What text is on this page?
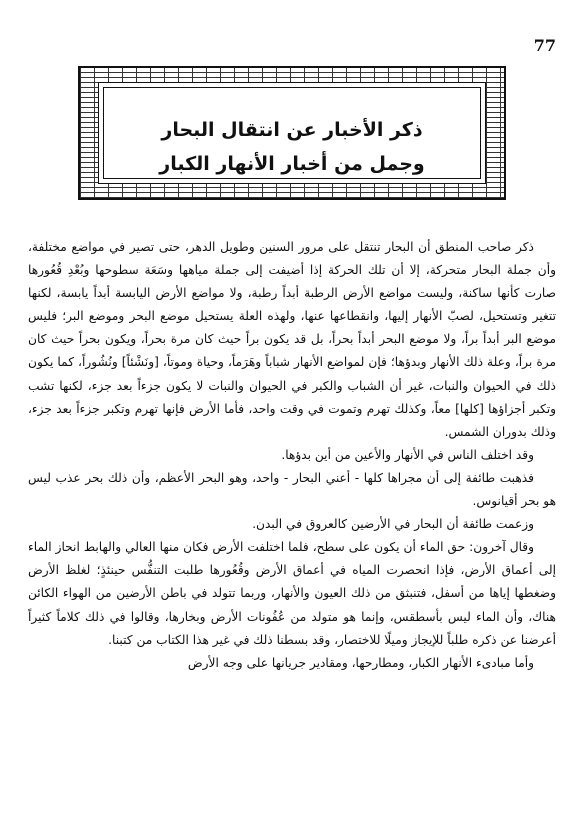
77
ذكر الأخبار عن انتقال البحار
وجمل من أخبار الأنهار الكبار

ذكر صاحب المنطق أن البحار تنتقل على مرور السنين وطويل الدهر، حتى تصير في مواضع مختلفة، وأن جملة البحار متحركة، إلا أن تلك الحركة إذا أضيفت إلى جملة مياهها وسَعَة سطوحها وبُعْدِ قُعُورها صارت كأنها ساكنة، وليست مواضع الأرض الرطبة أبداً رطبة، ولا مواضع الأرض اليابسة أبداً يابسة، لكنها تتغير وتستحيل، لصبّ الأنهار إليها، وانقطاعها عنها، ولهذه العلة يستحيل موضع البحر وموضع البر؛ فليس موضع البر أبداً براً، ولا موضع البحر أبداً بحراً، بل قد يكون براً حيث كان مرة بحراً، ويكون بحراً حيث كان مرة براً، وعلة ذلك الأنهار وبدؤها؛ فإن لمواضع الأنهار شباباً وهَرَماً، وحياة وموتاً، [ونَشْئاً] ونُشُوراً، كما يكون ذلك في الحيوان والنبات، غير أن الشباب والكبر في الحيوان والنبات لا يكون جزءاً بعد جزء، لكنها تشب وتكبر أجزاؤها [كلها] معاً، وكذلك تهرم وتموت في وقت واحد، فأما الأرض فإنها تهرم وتكبر جزءاً بعد جزء، وذلك بدوران الشمس.

وقد اختلف الناس في الأنهار والأعين من أين بدؤها.

فذهبت طائفة إلى أن مجراها كلها - أعني البحار - واحد، وهو البحر الأعظم، وأن ذلك بحر عذب ليس هو بحر أقيانوس.

وزعمت طائفة أن البحار في الأرضين كالعروق في البدن.

وقال آخرون: حق الماء أن يكون على سطح، فلما اختلفت الأرض فكان منها العالي والهابط انحاز الماء إلى أعماق الأرض، فإذا انحصرت المياه في أعماق الأرض وقُعُورها طلبت التنفُّس حينئذٍ؛ لغلظ الأرض وضغطها إياها من أسفل، فتنبثق من ذلك العيون والأنهار، وربما تتولد في باطن الأرضين من الهواء الكائن هناك، وأن الماء ليس بأسطقس، وإنما هو متولد من عُفُونات الأرض وبخارها، وقالوا في ذلك كلاماً كثيراً أعرضنا عن ذكره طلباً للإيجاز وميلًا للاختصار، وقد بسطنا ذلك في غير هذا الكتاب من كتبنا.

وأما مبادىء الأنهار الكبار، ومطارحها، ومقادير جريانها على وجه الأرض
